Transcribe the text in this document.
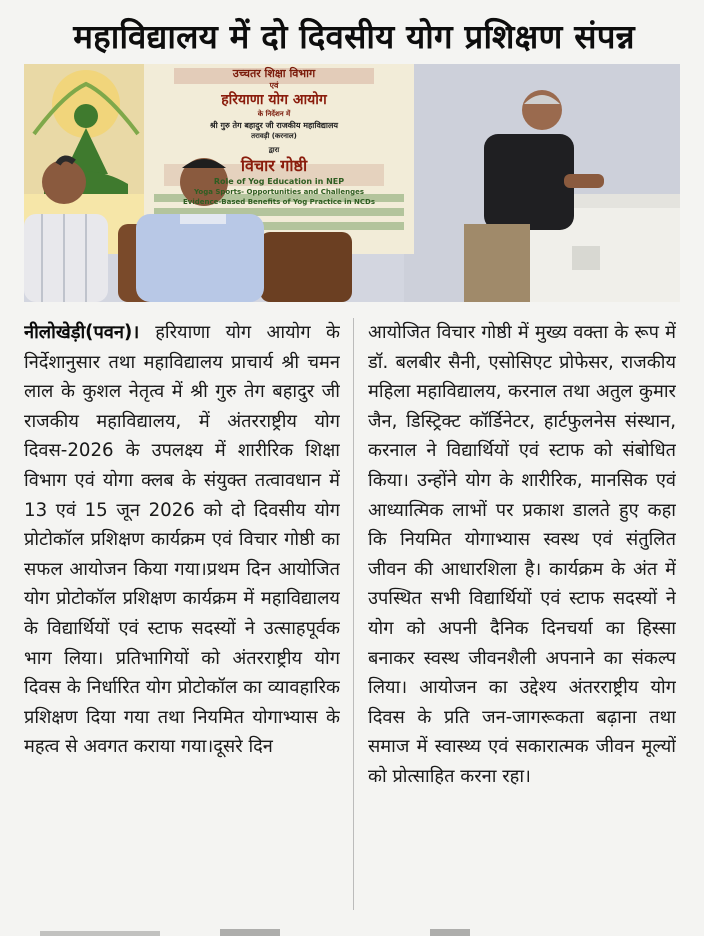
महाविद्यालय में दो दिवसीय योग प्रशिक्षण संपन्न
उच्चतर शिक्षा विभाग
एवं
हरियाणा योग आयोग
के निर्देशन में
श्री गुरु तेग बहादुर जी राजकीय महाविद्यालय
तरावड़ी (करनाल)
द्वारा
विचार गोष्ठी
Role of Yog Education in NEP
Yoga Sports- Opportunities and Challenges
Evidence-Based Benefits of Yog Practice in NCDs
नीलोखेड़ी(पवन)। हरियाणा योग आयोग के निर्देशानुसार तथा महाविद्यालय प्राचार्य श्री चमन लाल के कुशल नेतृत्व में श्री गुरु तेग बहादुर जी राजकीय महाविद्यालय, में अंतरराष्ट्रीय योग दिवस-2026 के उपलक्ष्य में शारीरिक शिक्षा विभाग एवं योगा क्लब के संयुक्त तत्वावधान में 13 एवं 15 जून 2026 को दो दिवसीय योग प्रोटोकॉल प्रशिक्षण कार्यक्रम एवं विचार गोष्ठी का सफल आयोजन किया गया।प्रथम दिन आयोजित योग प्रोटोकॉल प्रशिक्षण कार्यक्रम में महाविद्यालय के विद्यार्थियों एवं स्टाफ सदस्यों ने उत्साहपूर्वक भाग लिया। प्रतिभागियों को अंतरराष्ट्रीय योग दिवस के निर्धारित योग प्रोटोकॉल का व्यावहारिक प्रशिक्षण दिया गया तथा नियमित योगाभ्यास के महत्व से अवगत कराया गया।दूसरे दिन
आयोजित विचार गोष्ठी में मुख्य वक्ता के रूप में डॉ. बलबीर सैनी, एसोसिएट प्रोफेसर, राजकीय महिला महाविद्यालय, करनाल तथा अतुल कुमार जैन, डिस्ट्रिक्ट कॉर्डिनेटर, हार्टफुलनेस संस्थान, करनाल ने विद्यार्थियों एवं स्टाफ को संबोधित किया। उन्होंने योग के शारीरिक, मानसिक एवं आध्यात्मिक लाभों पर प्रकाश डालते हुए कहा कि नियमित योगाभ्यास स्वस्थ एवं संतुलित जीवन की आधारशिला है। कार्यक्रम के अंत में उपस्थित सभी विद्यार्थियों एवं स्टाफ सदस्यों ने योग को अपनी दैनिक दिनचर्या का हिस्सा बनाकर स्वस्थ जीवनशैली अपनाने का संकल्प लिया। आयोजन का उद्देश्य अंतरराष्ट्रीय योग दिवस के प्रति जन-जागरूकता बढ़ाना तथा समाज में स्वास्थ्य एवं सकारात्मक जीवन मूल्यों को प्रोत्साहित करना रहा।
